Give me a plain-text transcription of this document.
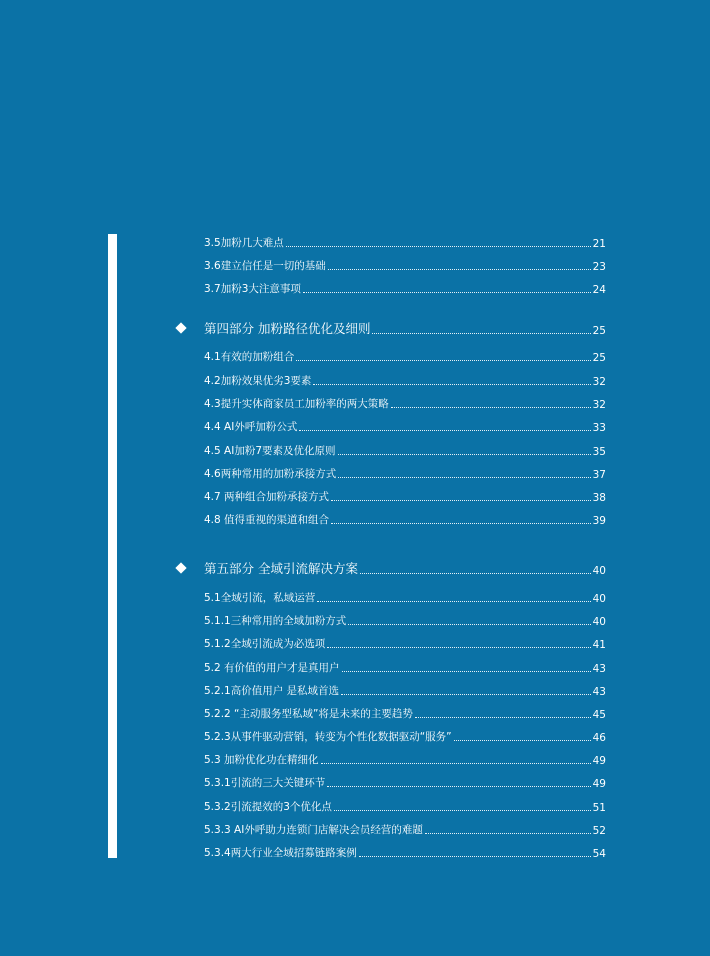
3.5加粉几大难点	21
3.6建立信任是一切的基础	23
3.7加粉3大注意事项	24
第四部分 加粉路径优化及细则	25
4.1有效的加粉组合	25
4.2加粉效果优劣3要素	32
4.3提升实体商家员工加粉率的两大策略	32
4.4 AI外呼加粉公式	33
4.5 AI加粉7要素及优化原则	35
4.6两种常用的加粉承接方式	37
4.7 两种组合加粉承接方式	38
4.8 值得重视的渠道和组合	39
第五部分 全域引流解决方案	40
5.1全域引流，私域运营	40
5.1.1三种常用的全域加粉方式	40
5.1.2全域引流成为必选项	41
5.2 有价值的用户才是真用户	43
5.2.1高价值用户 是私域首选	43
5.2.2 “主动服务型私域”将是未来的主要趋势	45
5.2.3从事件驱动营销，转变为个性化数据驱动“服务”	46
5.3 加粉优化功在精细化	49
5.3.1引流的三大关键环节	49
5.3.2引流提效的3个优化点	51
5.3.3 AI外呼助力连锁门店解决会员经营的难题	52
5.3.4两大行业全域招募链路案例	54
